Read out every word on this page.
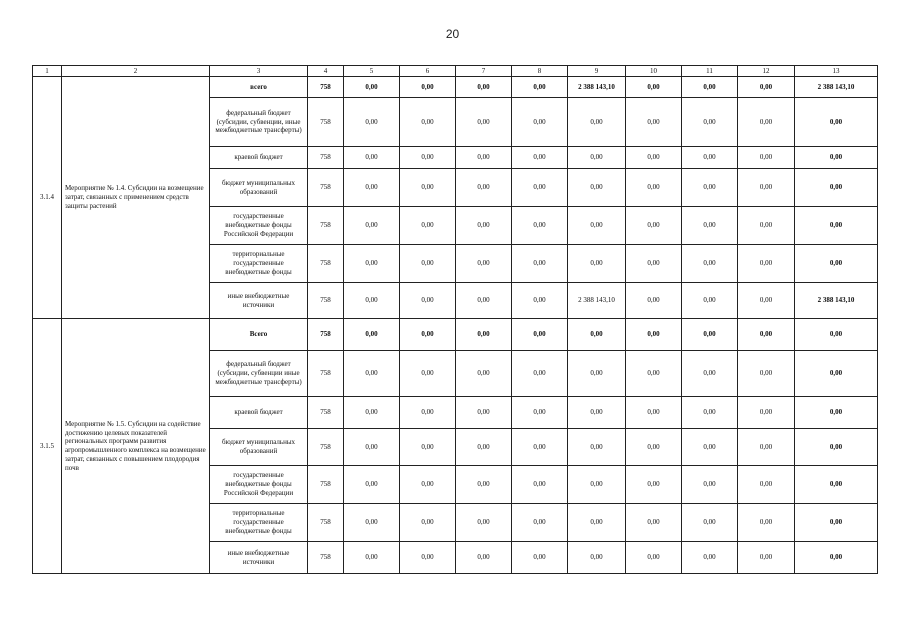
20
1	2	3	4	5	6	7	8	9	10	11	12	13
3.1.4	Мероприятие № 1.4. Субсидии на возмещение затрат, связанных с применением средств защиты растений	всего	758	0,00	0,00	0,00	0,00	2 388 143,10	0,00	0,00	0,00	2 388 143,10
		федеральный бюджет (субсидии, субвенции, иные межбюджетные трансферты)	758	0,00	0,00	0,00	0,00	0,00	0,00	0,00	0,00	0,00
		краевой бюджет	758	0,00	0,00	0,00	0,00	0,00	0,00	0,00	0,00	0,00
		бюджет муниципальных образований	758	0,00	0,00	0,00	0,00	0,00	0,00	0,00	0,00	0,00
		государственные внебюджетные фонды Российской Федерации	758	0,00	0,00	0,00	0,00	0,00	0,00	0,00	0,00	0,00
		территориальные государственные внебюджетные фонды	758	0,00	0,00	0,00	0,00	0,00	0,00	0,00	0,00	0,00
		иные внебюджетные источники	758	0,00	0,00	0,00	0,00	2 388 143,10	0,00	0,00	0,00	2 388 143,10
3.1.5	Мероприятие № 1.5. Субсидии на содействие достижению целевых показателей региональных программ развития агропромышленного комплекса на возмещение затрат, связанных с повышением плодородия почв	Всего	758	0,00	0,00	0,00	0,00	0,00	0,00	0,00	0,00	0,00
		федеральный бюджет (субсидии, субвенции иные межбюджетные трансферты)	758	0,00	0,00	0,00	0,00	0,00	0,00	0,00	0,00	0,00
		краевой бюджет	758	0,00	0,00	0,00	0,00	0,00	0,00	0,00	0,00	0,00
		бюджет муниципальных образований	758	0,00	0,00	0,00	0,00	0,00	0,00	0,00	0,00	0,00
		государственные внебюджетные фонды Российской Федерации	758	0,00	0,00	0,00	0,00	0,00	0,00	0,00	0,00	0,00
		территориальные государственные внебюджетные фонды	758	0,00	0,00	0,00	0,00	0,00	0,00	0,00	0,00	0,00
		иные внебюджетные источники	758	0,00	0,00	0,00	0,00	0,00	0,00	0,00	0,00	0,00
